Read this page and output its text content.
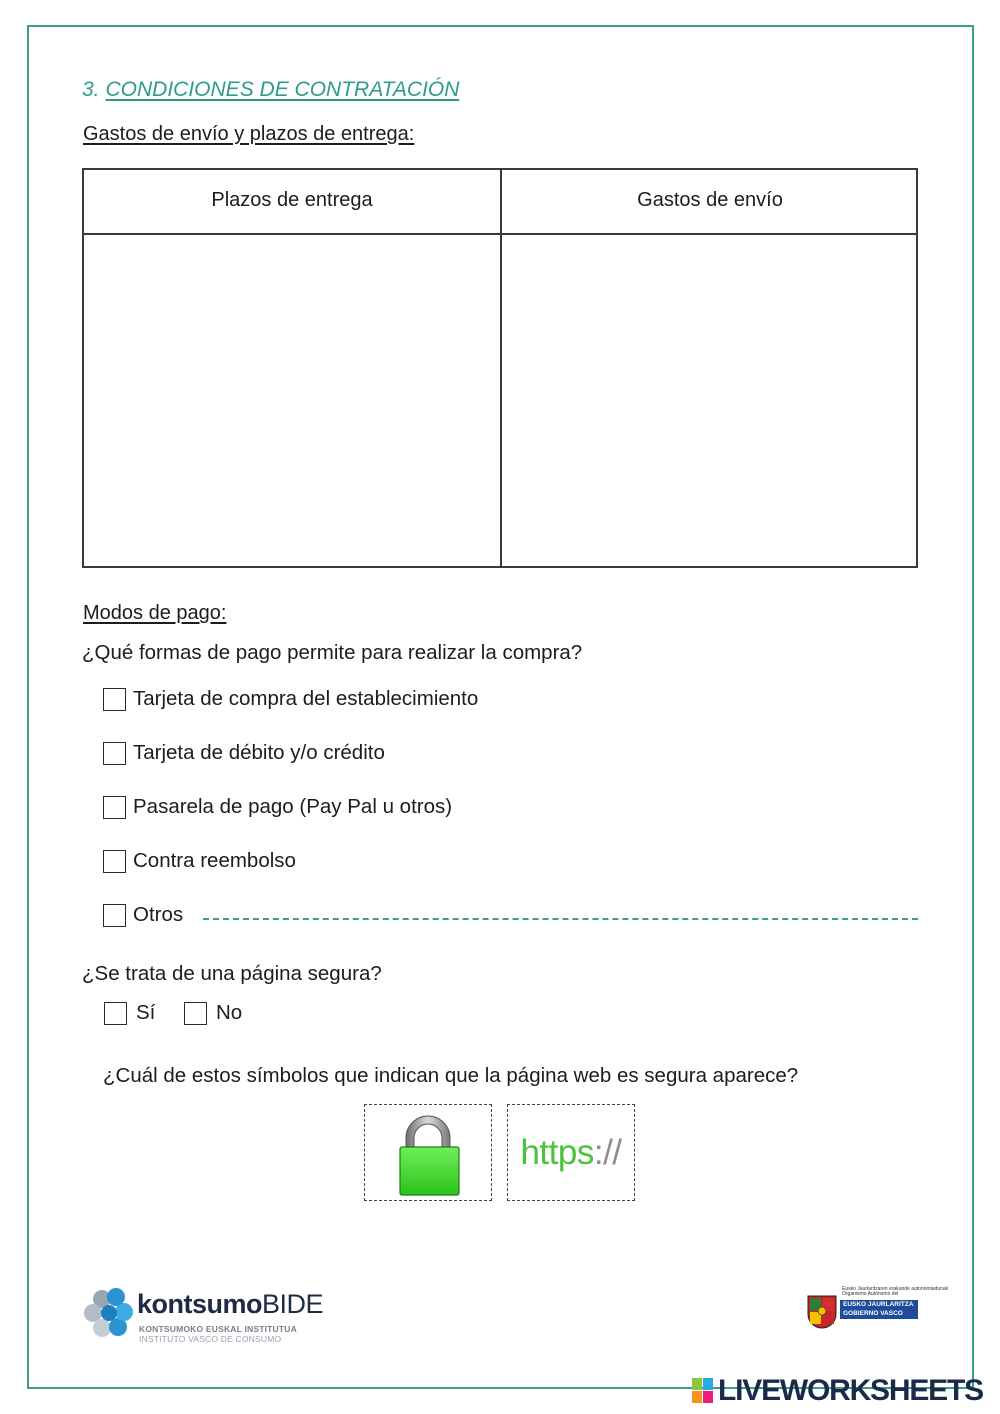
3. CONDICIONES DE CONTRATACIÓN
Gastos de envío y plazos de entrega:
Plazos de entrega	Gastos de envío
Modos de pago:
¿Qué formas de pago permite para realizar la compra?
Tarjeta de compra del establecimiento
Tarjeta de débito y/o crédito
Pasarela de pago (Pay Pal u otros)
Contra reembolso
Otros
¿Se trata de una página segura?
Sí	No
¿Cuál de estos símbolos que indican que la página web es segura aparece?
https ://
kontsumoBIDE
KONTSUMOKO EUSKAL INSTITUTUA
INSTITUTO VASCO DE CONSUMO
Eusko Jaurlaritzaren erakunde autonomiadunak
Organismo Autónomo del
EUSKO JAURLARITZA
GOBIERNO VASCO
LIVEWORKSHEETS
